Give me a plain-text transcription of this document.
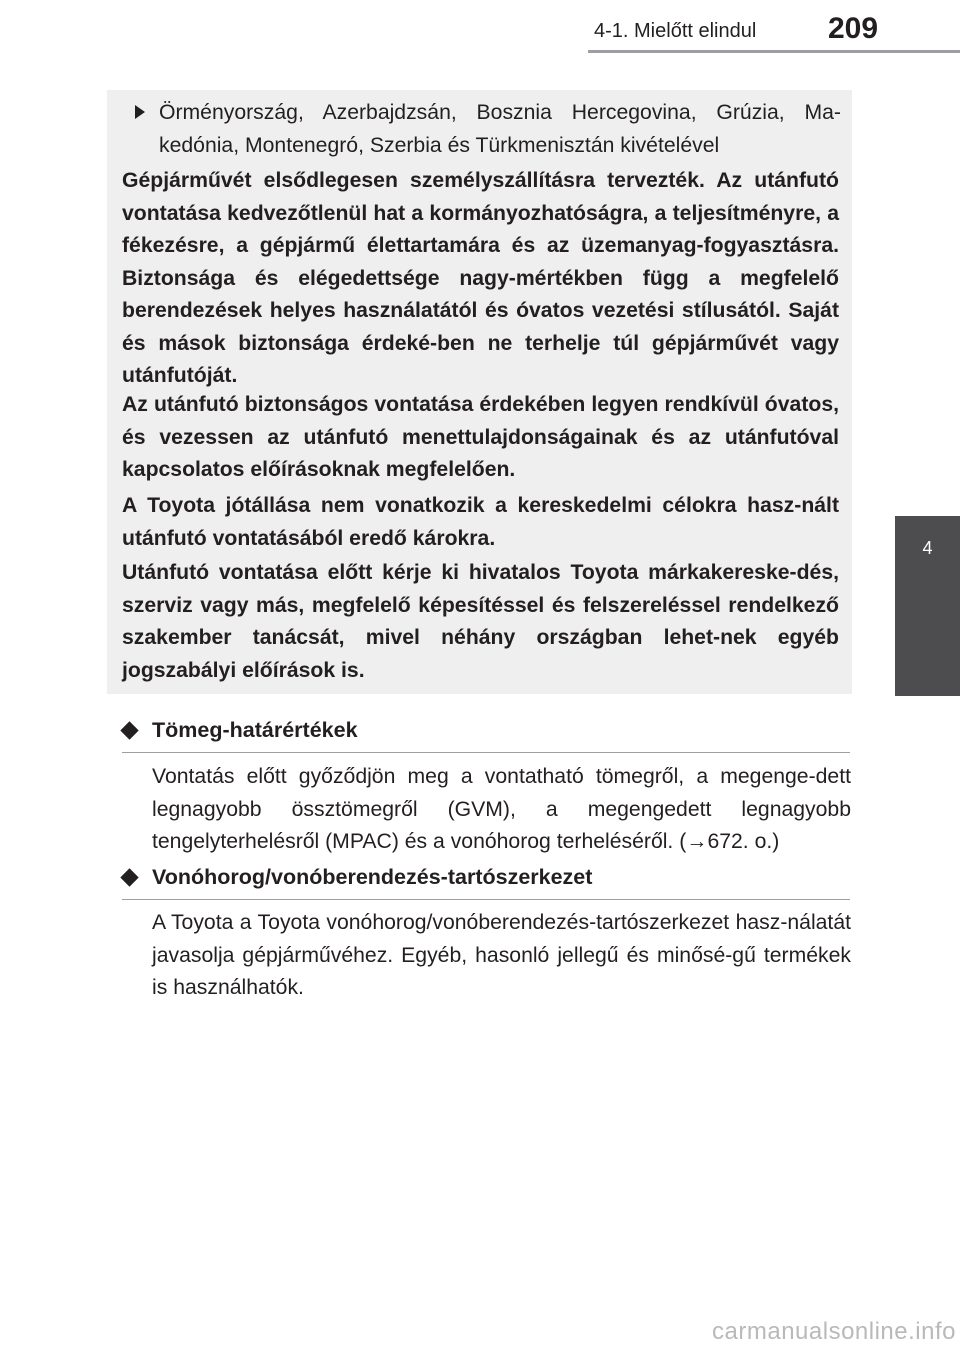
4-1. Mielőtt elindul 209
4
Vezetés
Örményország, Azerbajdzsán, Bosznia Hercegovina, Grúzia, Ma-kedónia, Montenegró, Szerbia és Türkmenisztán kivételével
Gépjárművét elsődlegesen személyszállításra tervezték. Az utánfutó vontatása kedvezőtlenül hat a kormányozhatóságra, a teljesítményre, a fékezésre, a gépjármű élettartamára és az üzemanyag-fogyasztásra. Biztonsága és elégedettsége nagy-mértékben függ a megfelelő berendezések helyes használatától és óvatos vezetési stílusától. Saját és mások biztonsága érdeké-ben ne terhelje túl gépjárművét vagy utánfutóját.
Az utánfutó biztonságos vontatása érdekében legyen rendkívül óvatos, és vezessen az utánfutó menettulajdonságainak és az utánfutóval kapcsolatos előírásoknak megfelelően.
A Toyota jótállása nem vonatkozik a kereskedelmi célokra hasz-nált utánfutó vontatásából eredő károkra.
Utánfutó vontatása előtt kérje ki hivatalos Toyota márkakereske-dés, szerviz vagy más, megfelelő képesítéssel és felszereléssel rendelkező szakember tanácsát, mivel néhány országban lehet-nek egyéb jogszabályi előírások is.
Tömeg-határértékek
Vontatás előtt győződjön meg a vontatható tömegről, a megenge-dett legnagyobb össztömegről (GVM), a megengedett legnagyobb tengelyterhelésről (MPAC) és a vonóhorog terheléséről. (→672. o.)
Vonóhorog/vonóberendezés-tartószerkezet
A Toyota a Toyota vonóhorog/vonóberendezés-tartószerkezet hasz-nálatát javasolja gépjárművéhez. Egyéb, hasonló jellegű és minősé-gű termékek is használhatók.
carmanualsonline.info
